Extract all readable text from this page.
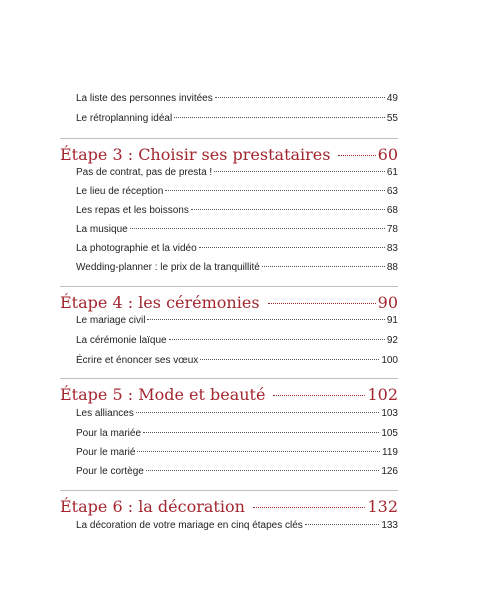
La liste des personnes invitées	49
Le rétroplanning idéal	55
Étape 3 : Choisir ses prestataires	60
Pas de contrat, pas de presta !	61
Le lieu de réception	63
Les repas et les boissons	68
La musique	78
La photographie et la vidéo	83
Wedding-planner : le prix de la tranquillité	88
Étape 4 : les cérémonies	90
Le mariage civil	91
La cérémonie laïque	92
Écrire et énoncer ses vœux	100
Étape 5 : Mode et beauté	102
Les alliances	103
Pour la mariée	105
Pour le marié	119
Pour le cortège	126
Étape 6 : la décoration	132
La décoration de votre mariage en cinq étapes clés	133
